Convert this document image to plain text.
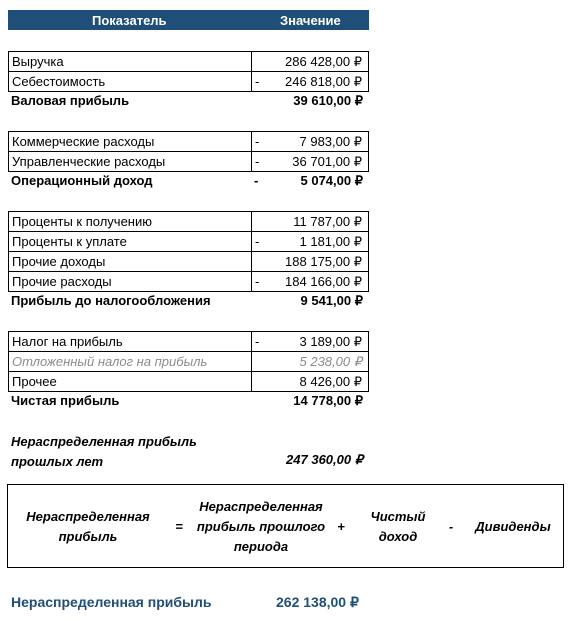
Показатель	Значение
Выручка	286 428,00 ₽
Себестоимость	- 246 818,00 ₽
Валовая прибыль	39 610,00 ₽
Коммерческие расходы	-	7 983,00 ₽
Управленческие расходы	-	36 701,00 ₽
Операционный доход	-	5 074,00 ₽
Проценты к получению	11 787,00 ₽
Проценты к уплате	-	1 181,00 ₽
Прочие доходы	188 175,00 ₽
Прочие расходы	- 184 166,00 ₽
Прибыль до налогообложения	9 541,00 ₽
Налог на прибыль	-	3 189,00 ₽
Отложенный налог на прибыль	5 238,00 ₽
Прочее	8 426,00 ₽
Чистая прибыль	14 778,00 ₽
Нераспределенная прибыль
прошлых лет	247 360,00 ₽
Нераспределенная
прибыль
=
Нераспределенная
прибыль прошлого
периода
+
Чистый
доход
-	Дивиденды
Нераспределенная прибыль	262 138,00 ₽
